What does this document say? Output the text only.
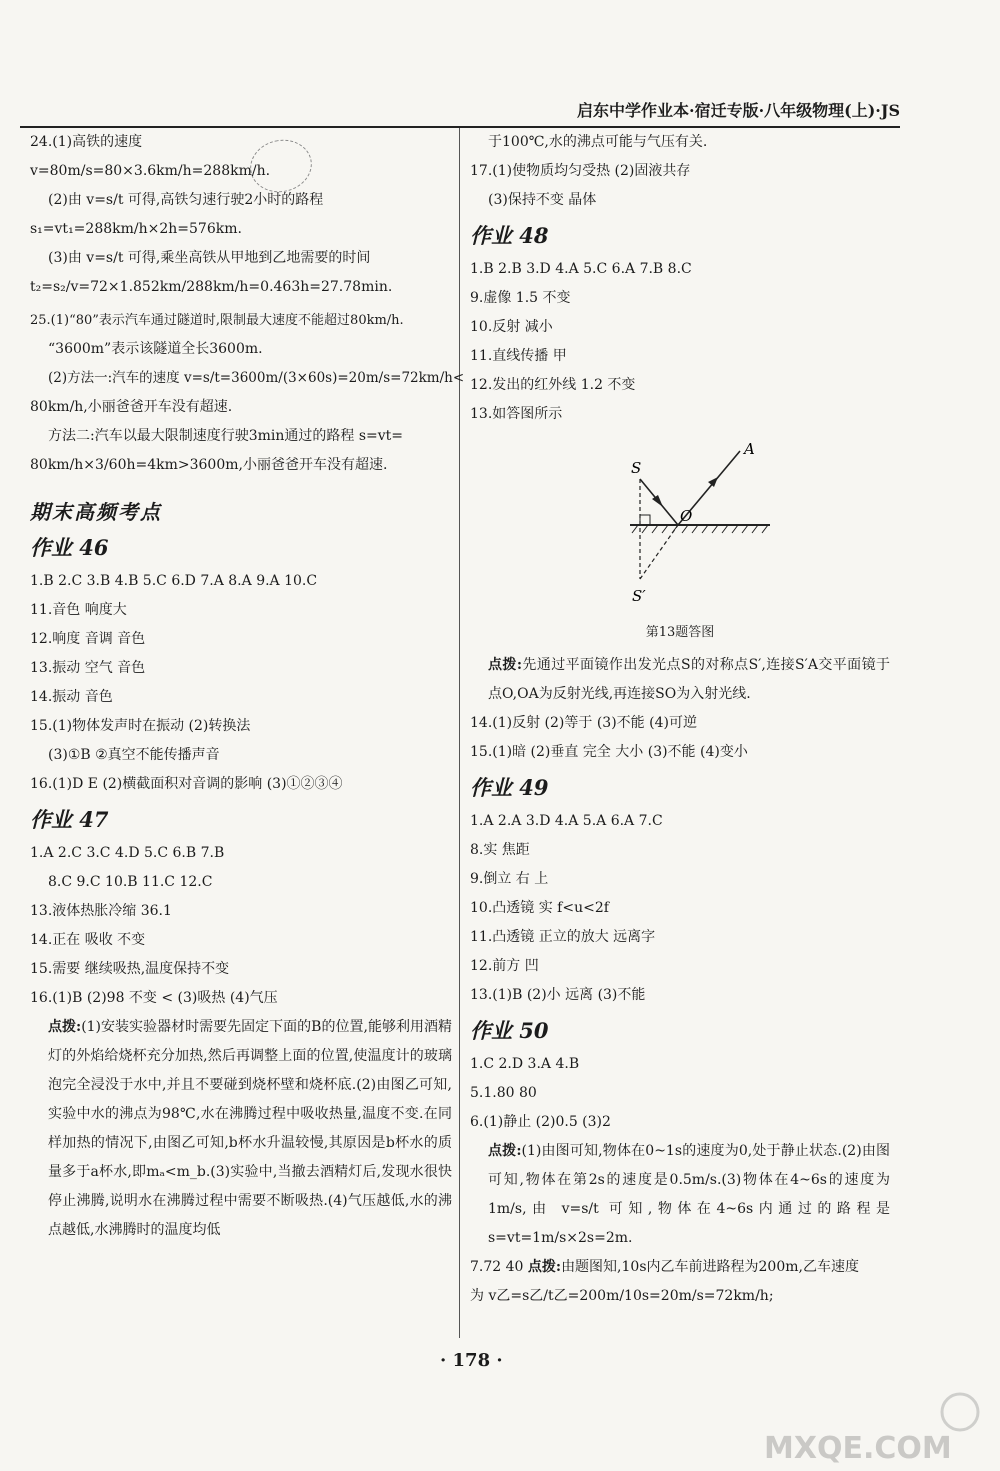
启东中学作业本·宿迁专版·八年级物理(上)·JS
24.(1)高铁的速度
v=80m/s=80×3.6km/h=288km/h.
(2)由 v=s/t 可得,高铁匀速行驶2小时的路程
s₁=vt₁=288km/h×2h=576km.
(3)由 v=s/t 可得,乘坐高铁从甲地到乙地需要的时间
t₂=s₂/v=72×1.852km/288km/h=0.463h=27.78min.
25.(1)“80”表示汽车通过隧道时,限制最大速度不能超过80km/h.
“3600m”表示该隧道全长3600m.
(2)方法一:汽车的速度 v=s/t=3600m/(3×60s)=20m/s=72km/h<
80km/h,小丽爸爸开车没有超速.
方法二:汽车以最大限制速度行驶3min通过的路程 s=vt=
80km/h×3/60h=4km>3600m,小丽爸爸开车没有超速.
期末高频考点
作业 46
1.B 2.C 3.B 4.B 5.C 6.D 7.A 8.A 9.A 10.C
11.音色 响度大
12.响度 音调 音色
13.振动 空气 音色
14.振动 音色
15.(1)物体发声时在振动 (2)转换法
(3)①B ②真空不能传播声音
16.(1)D E (2)横截面积对音调的影响 (3)①②③④
作业 47
1.A 2.C 3.C 4.D 5.C 6.B 7.B
8.C 9.C 10.B 11.C 12.C
13.液体热胀冷缩 36.1
14.正在 吸收 不变
15.需要 继续吸热,温度保持不变
16.(1)B (2)98 不变 < (3)吸热 (4)气压
点拨:(1)安装实验器材时需要先固定下面的B的位置,能够利用酒精灯的外焰给烧杯充分加热,然后再调整上面的位置,使温度计的玻璃泡完全浸没于水中,并且不要碰到烧杯壁和烧杯底.(2)由图乙可知,实验中水的沸点为98℃,水在沸腾过程中吸收热量,温度不变.在同样加热的情况下,由图乙可知,b杯水升温较慢,其原因是b杯水的质量多于a杯水,即mₐ<m_b.(3)实验中,当撤去酒精灯后,发现水很快停止沸腾,说明水在沸腾过程中需要不断吸热.(4)气压越低,水的沸点越低,水沸腾时的温度均低
于100℃,水的沸点可能与气压有关.
17.(1)使物质均匀受热 (2)固液共存
(3)保持不变 晶体
作业 48
1.B 2.B 3.D 4.A 5.C 6.A 7.B 8.C
9.虚像 1.5 不变
10.反射 减小
11.直线传播 甲
12.发出的红外线 1.2 不变
13.如答图所示
S
A
O
S′
第13题答图
点拨:先通过平面镜作出发光点S的对称点S′,连接S′A交平面镜于点O,OA为反射光线,再连接SO为入射光线.
14.(1)反射 (2)等于 (3)不能 (4)可逆
15.(1)暗 (2)垂直 完全 大小 (3)不能 (4)变小
作业 49
1.A 2.A 3.D 4.A 5.A 6.A 7.C
8.实 焦距
9.倒立 右 上
10.凸透镜 实 f<u<2f
11.凸透镜 正立的放大 远离字
12.前方 凹
13.(1)B (2)小 远离 (3)不能
作业 50
1.C 2.D 3.A 4.B
5.1.80 80
6.(1)静止 (2)0.5 (3)2
点拨:(1)由图可知,物体在0~1s的速度为0,处于静止状态.(2)由图可知,物体在第2s的速度是0.5m/s.(3)物体在4~6s的速度为1m/s,由 v=s/t 可知,物体在4~6s内通过的路程是 s=vt=1m/s×2s=2m.
7.72 40 点拨:由题图知,10s内乙车前进路程为200m,乙车速度
为 v乙=s乙/t乙=200m/10s=20m/s=72km/h;
· 178 ·
MXQE.COM
